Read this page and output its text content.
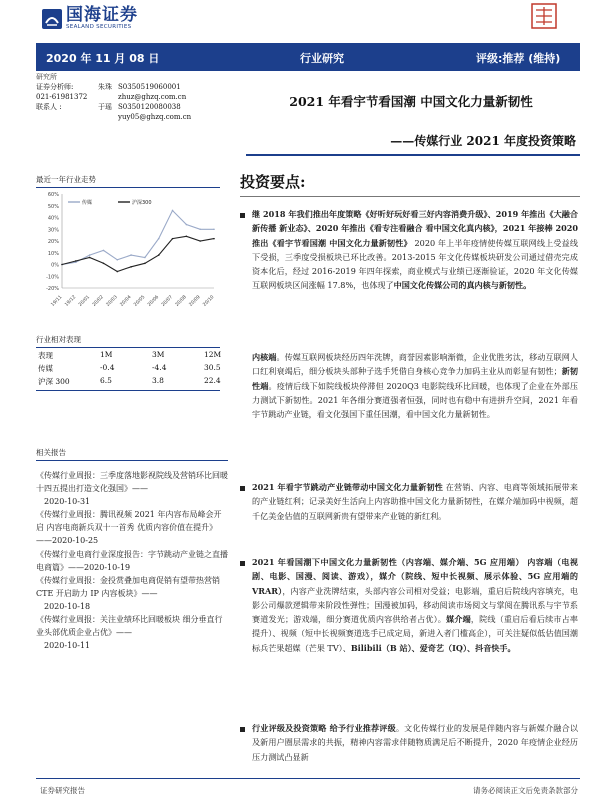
国海证券
SEALAND SECURITIES
2020 年 11 月 08 日	行业研究	评级:推荐 (维持)
研究所
证券分析师:	朱珠 S0350519060001
021-61981372	zhuz@ghzq.com.cn
联系人 :	于瑶 S0350120080038
yuy05@ghzq.com.cn
最近一年行业走势
60%
50%
40%
30%
20%
10%
0%
-10%
-20%
19/11 19/12 20/01 20/02 20/03 20/04 20/05 20/06 20/07 20/08 20/09 20/10
传媒	沪深300
行业相对表现
表现	1M	3M	12M
传媒	-0.4	-4.4	30.5
沪深 300	6.5	3.8	22.4
相关报告

《传媒行业周报：三季度落地影视院线及营销环比回暖 十四五提出打造文化强国》——

2020-10-31

《传媒行业周报：腾讯视频 2021 年内容布局峰会开启 内容电商新兵双十一首秀 优质内容价值在提升》——2020-10-25

《传媒行业电商行业深度报告：字节跳动产业链之直播电商篇》——2020-10-19

《传媒行业周报：金投赏叠加电商促销有望带热营销 CTE 开启助力 IP 内容板块》——

2020-10-18

《传媒行业周报：关注业绩环比回暖板块 细分垂直行业头部优质企业占优》——

2020-10-11

2021 年看宇节看国潮 中国文化力量新韧性
——传媒行业 2021 年度投资策略
投资要点:
继 2018 年我们推出年度策略《好听好玩好看三好内容消费升级》、2019 年推出《大融合 新传播 新业态》、2020 年推出《看专注看融合 看中国文化真内核》，2021 年接棒 2020 推出《看宇节看国潮 中国文化力量新韧性》 2020 年上半年疫情使传媒互联网线上受益线下受损，三季度受损板块已环比改善。2013-2015 年文化传媒板块研发公司通过借壳完成资本化后，经过 2016-2019 年四年探索，商业模式与业绩已逐渐验证，2020 年文化传媒互联网板块区间涨幅 17.8%，也体现了中国文化传媒公司的真内核与新韧性。
内核端。传媒互联网板块经历四年洗牌，商誉因素影响渐微，企业优胜劣汰，移动互联网人口红利衰竭后，细分板块头部种子选手凭借自身核心竞争力加码主业从而彰显有韧性；新韧性端。疫情后线下如院线板块停滞但 2020Q3 电影院线环比回暖，也体现了企业在外部压力测试下新韧性。2021 年各细分赛道强者恒强，同时也有稳中有进拼升空间，2021 年看宇节跳动产业链，看文化强国下重任国潮，看中国文化力量新韧性。
2021 年看宇节跳动产业链带动中国文化力量新韧性 在营销、内容、电商等领域拓展带来的产业链红利；记录美好生活向上内容助推中国文化力量新韧性，在媒介端加码中视频，超千亿美金估值的互联网新贵有望带来产业链的新红利。
2021 年看国潮下中国文化力量新韧性（内容端、媒介端、5G 应用端） 内容端（电视剧、电影、国漫、阅读、游戏），媒介（院线、短中长视频、展示体验、5G 应用端的 VRAR），内容产业洗牌结束，头部内容公司相对受益；电影端，重启后院线内容填充，电影公司爆款逻辑带来阶段性弹性；国漫被加码，移动阅读市场阅文与掌阅在腾讯系与宇节系赛道发光；游戏端，细分赛道优质内容供给者占优）。媒介端，院线（重启后看后续市占率提升）、视频（短中长视频赛道选手已成定局，新进入者门槛高企），可关注疑似低估值国潮标兵芒果超媒（芒果 TV）、Bilibili（B 站）、爱奇艺（IQ）、抖音快手。
行业评级及投资策略 给予行业推荐评级。文化传媒行业的发展是伴随内容与新媒介融合以及新用户圈层需求的共振，精神内容需求伴随物质满足后不断提升，2020 年疫情企业经历压力测试凸显新
证券研究报告	请务必阅读正文后免责条款部分
